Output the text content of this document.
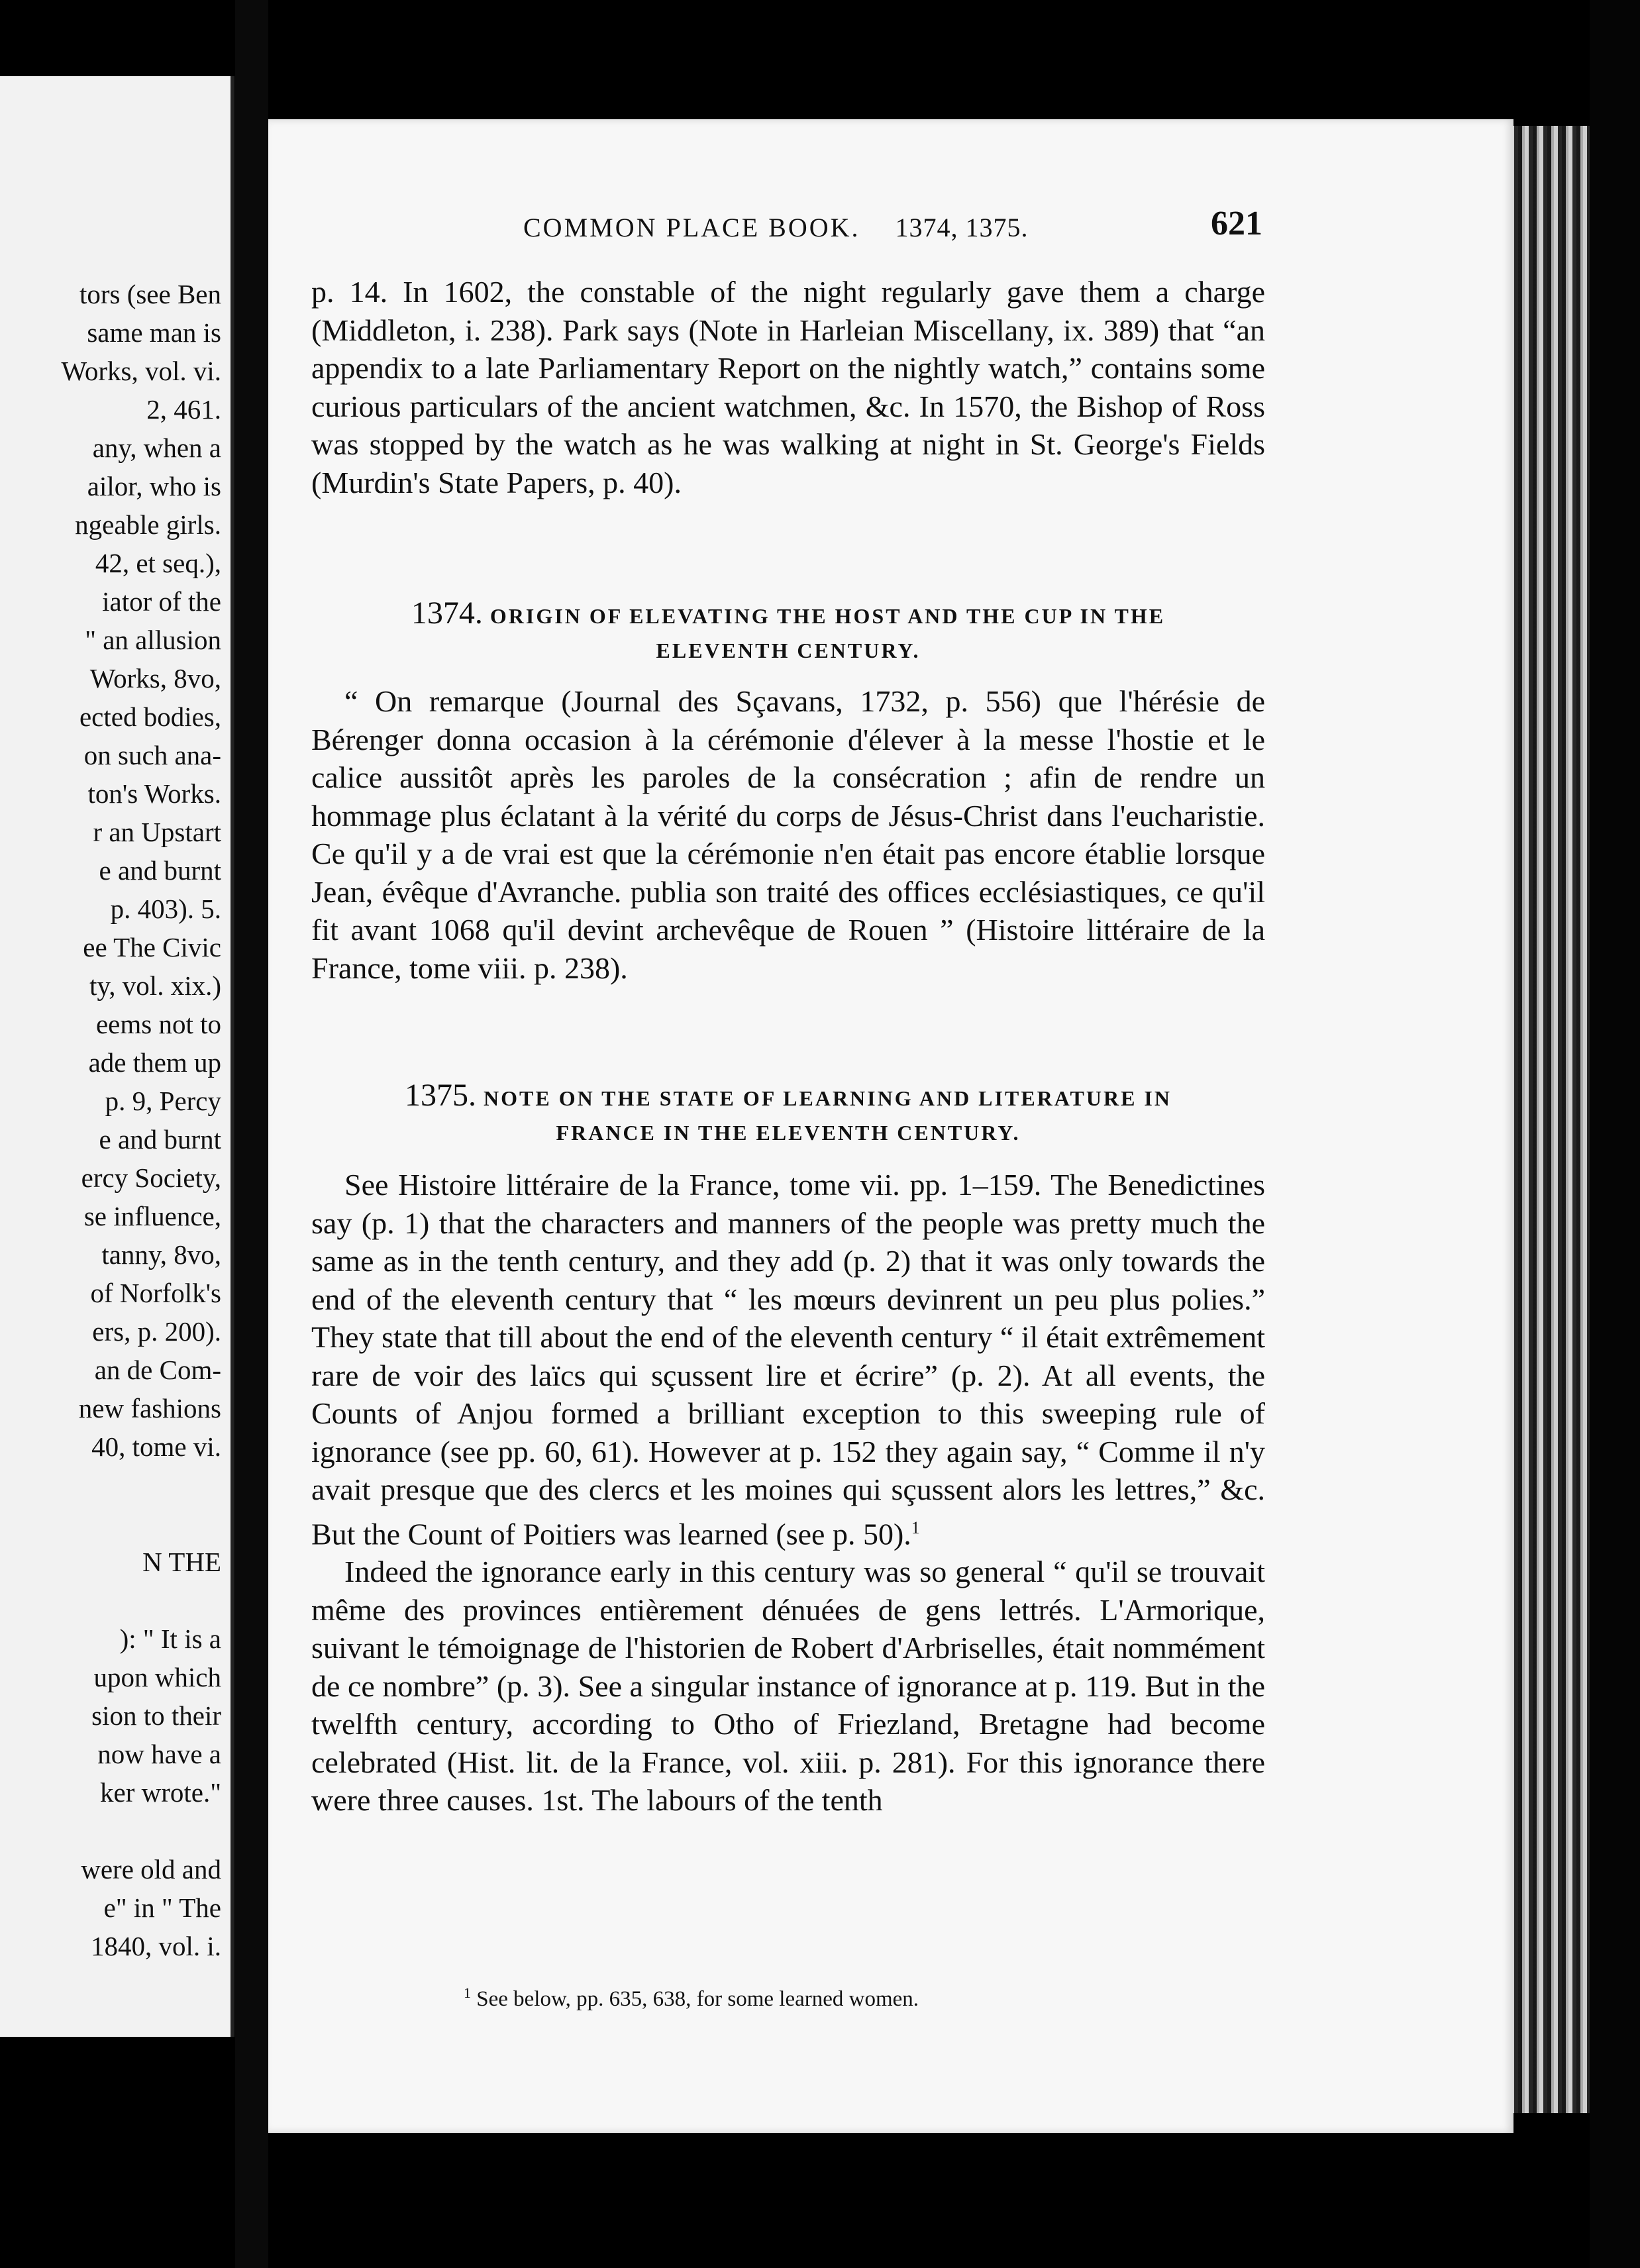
tors (see Ben
same man is
Works, vol. vi.
2, 461.
any, when a
ailor, who is
ngeable girls.
42, et seq.),
iator of the
" an allusion
Works, 8vo,
ected bodies,
on such ana-
ton's Works.
r an Upstart
e and burnt
p. 403). 5.
ee The Civic
ty, vol. xix.)
eems not to
ade them up
p. 9, Percy
e and burnt
ercy Society,
se influence,
tanny, 8vo,
of Norfolk's
ers, p. 200).
an de Com-
new fashions
40, tome vi.
N THE
): " It is a
upon which
sion to their
now have a
ker wrote."
were old and
e" in " The
1840, vol. i.
COMMON PLACE BOOK. 1374, 1375.	621

p. 14. In 1602, the constable of the night regularly gave them a charge (Middleton, i. 238). Park says (Note in Harleian Miscellany, ix. 389) that “an appendix to a late Parliamentary Report on the nightly watch,” contains some curious particulars of the ancient watchmen, &c. In 1570, the Bishop of Ross was stopped by the watch as he was walking at night in St. George's Fields (Murdin's State Papers, p. 40).

1374. ORIGIN OF ELEVATING THE HOST AND THE CUP IN THE
ELEVENTH CENTURY.

“ On remarque (Journal des Sçavans, 1732, p. 556) que l'hérésie de Bérenger donna occasion à la cérémonie d'élever à la messe l'hostie et le calice aussitôt après les paroles de la consécration ; afin de rendre un hommage plus éclatant à la vérité du corps de Jésus-Christ dans l'eucharistie. Ce qu'il y a de vrai est que la cérémonie n'en était pas encore établie lorsque Jean, évêque d'Avranche. publia son traité des offices ecclésiastiques, ce qu'il fit avant 1068 qu'il devint archevêque de Rouen ” (Histoire littéraire de la France, tome viii. p. 238).

1375. NOTE ON THE STATE OF LEARNING AND LITERATURE IN
FRANCE IN THE ELEVENTH CENTURY.

See Histoire littéraire de la France, tome vii. pp. 1–159. The Benedictines say (p. 1) that the characters and manners of the people was pretty much the same as in the tenth century, and they add (p. 2) that it was only towards the end of the eleventh century that “ les mœurs devinrent un peu plus polies.” They state that till about the end of the eleventh century “ il était extrêmement rare de voir des laïcs qui sçussent lire et écrire” (p. 2). At all events, the Counts of Anjou formed a brilliant exception to this sweeping rule of ignorance (see pp. 60, 61). However at p. 152 they again say, “ Comme il n'y avait presque que des clercs et les moines qui sçussent alors les lettres,” &c. But the Count of Poitiers was learned (see p. 50).$^1$

Indeed the ignorance early in this century was so general “ qu'il se trouvait même des provinces entièrement dénuées de gens lettrés. L'Armorique, suivant le témoignage de l'historien de Robert d'Arbriselles, était nommément de ce nombre” (p. 3). See a singular instance of ignorance at p. 119. But in the twelfth century, according to Otho of Friezland, Bretagne had become celebrated (Hist. lit. de la France, vol. xiii. p. 281). For this ignorance there were three causes. 1st. The labours of the tenth

$^1$ See below, pp. 635, 638, for some learned women.
